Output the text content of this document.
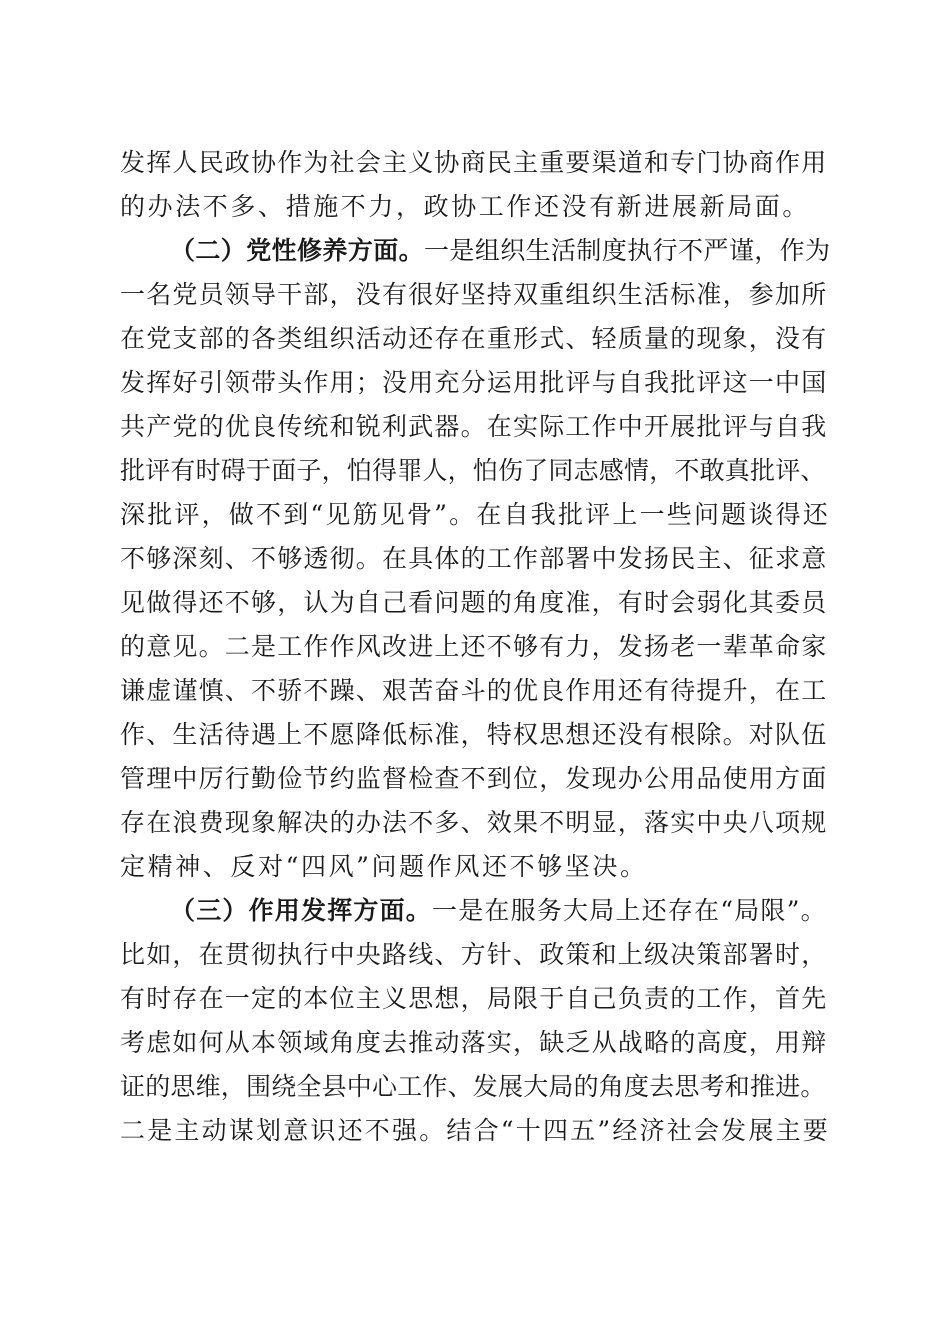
发挥人民政协作为社会主义协商民主重要渠道和专门协商作用
的办法不多、措施不力，政协工作还没有新进展新局面。
（二）党性修养方面。一是组织生活制度执行不严谨，作为
一名党员领导干部，没有很好坚持双重组织生活标准，参加所
在党支部的各类组织活动还存在重形式、轻质量的现象，没有
发挥好引领带头作用；没用充分运用批评与自我批评这一中国
共产党的优良传统和锐利武器。在实际工作中开展批评与自我
批评有时碍于面子，怕得罪人，怕伤了同志感情，不敢真批评、
深批评，做不到“见筋见骨”。在自我批评上一些问题谈得还
不够深刻、不够透彻。在具体的工作部署中发扬民主、征求意
见做得还不够，认为自己看问题的角度准，有时会弱化其委员
的意见。二是工作作风改进上还不够有力，发扬老一辈革命家
谦虚谨慎、不骄不躁、艰苦奋斗的优良作用还有待提升，在工
作、生活待遇上不愿降低标准，特权思想还没有根除。对队伍
管理中厉行勤俭节约监督检查不到位，发现办公用品使用方面
存在浪费现象解决的办法不多、效果不明显，落实中央八项规
定精神、反对“四风”问题作风还不够坚决。
（三）作用发挥方面。一是在服务大局上还存在“局限”。
比如，在贯彻执行中央路线、方针、政策和上级决策部署时，
有时存在一定的本位主义思想，局限于自己负责的工作，首先
考虑如何从本领域角度去推动落实，缺乏从战略的高度，用辩
证的思维，围绕全县中心工作、发展大局的角度去思考和推进。
二是主动谋划意识还不强。结合“十四五”经济社会发展主要
